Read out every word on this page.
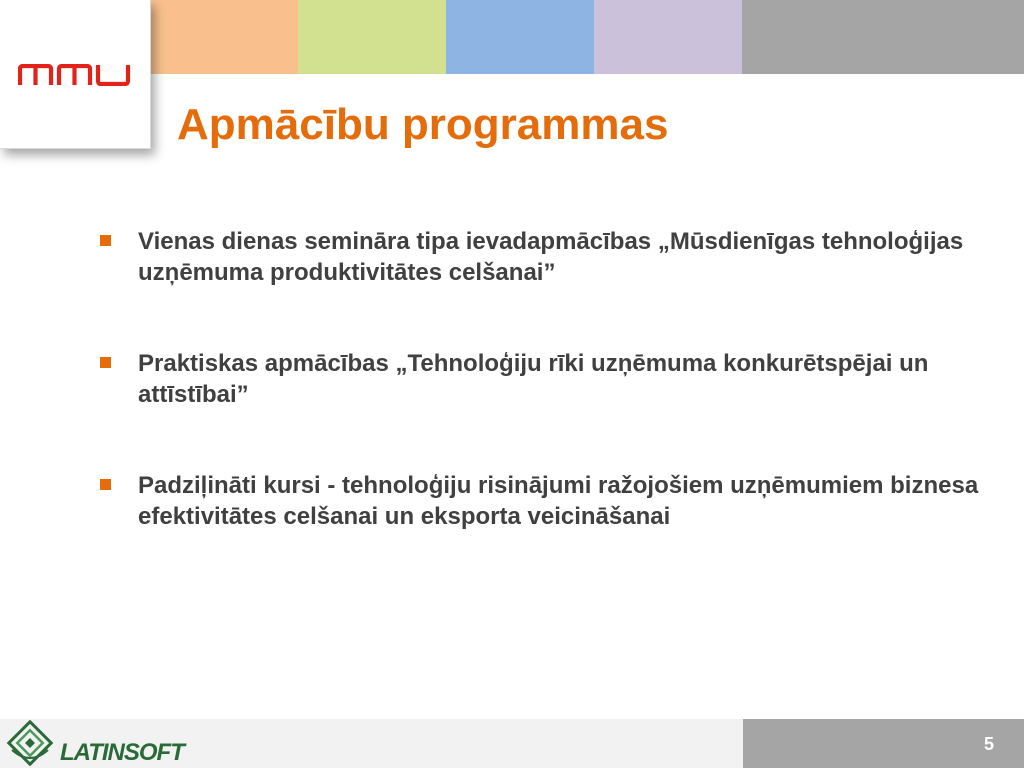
Apmācību programmas
Vienas dienas semināra tipa ievadapmācības „Mūsdienīgas tehnoloģijas uzņēmuma produktivitātes celšanai”
Praktiskas apmācības „Tehnoloģiju rīki uzņēmuma konkurētspējai un attīstībai”
Padziļināti kursi - tehnoloģiju risinājumi ražojošiem uzņēmumiem biznesa efektivitātes celšanai un eksporta veicināšanai
LATINSOFT	5
